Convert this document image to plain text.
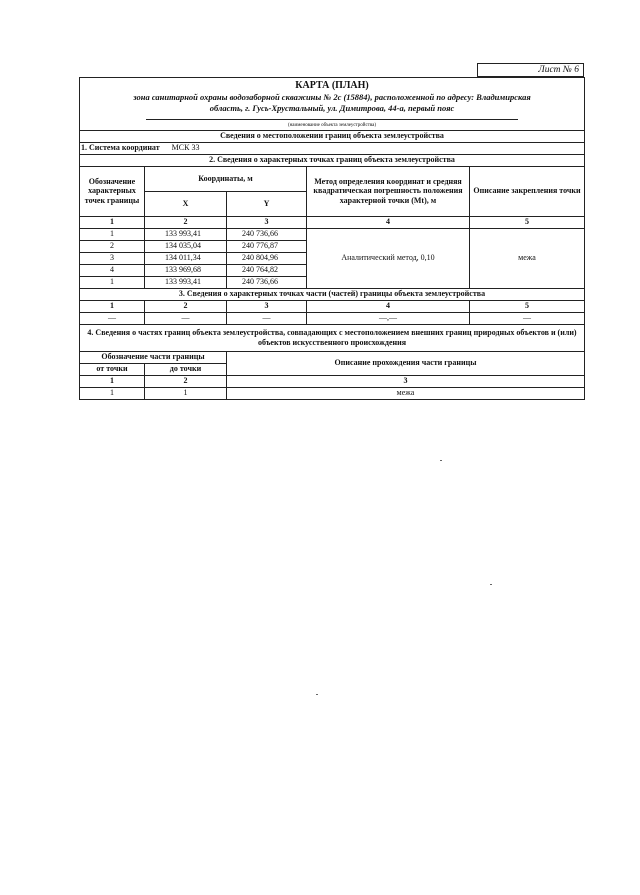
Лист № 6
КАРТА (ПЛАН)
зона санитарной охраны водозаборной скважины № 2с (15884), расположенной по адресу: Владимирская
область, г. Гусь-Хрустальный, ул. Димитрова, 44-а, первый пояс
(наименование объекта землеустройства)				

Сведения о местоположении границ объекта землеустройства				
1. Система координат МСК 33				
2. Сведения о характерных точках границ объекта землеустройства				
Обозначение характерных точек границы	Координаты, м		Метод определения координат и средняя квадратическая погрешность положения характерной точки (Mt), м	Описание закрепления точки
	X	Y		
1	2	3	4	5
1	133 993,41	240 736,66	Аналитический метод, 0,10	межа
2	134 035,04	240 776,87		
3	134 011,34	240 804,96		
4	133 969,68	240 764,82		
1	133 993,41	240 736,66		
3. Сведения о характерных точках части (частей) границы объекта землеустройства				
1	2	3	4	5
—	—	—	—,—	—
4. Сведения о частях границ объекта землеустройства, совпадающих с местоположением внешних границ природных объектов и (или) объектов искусственного происхождения				
Обозначение части границы		Описание прохождения части границы
от точки	до точки	
1	2	3
1	1	межа
